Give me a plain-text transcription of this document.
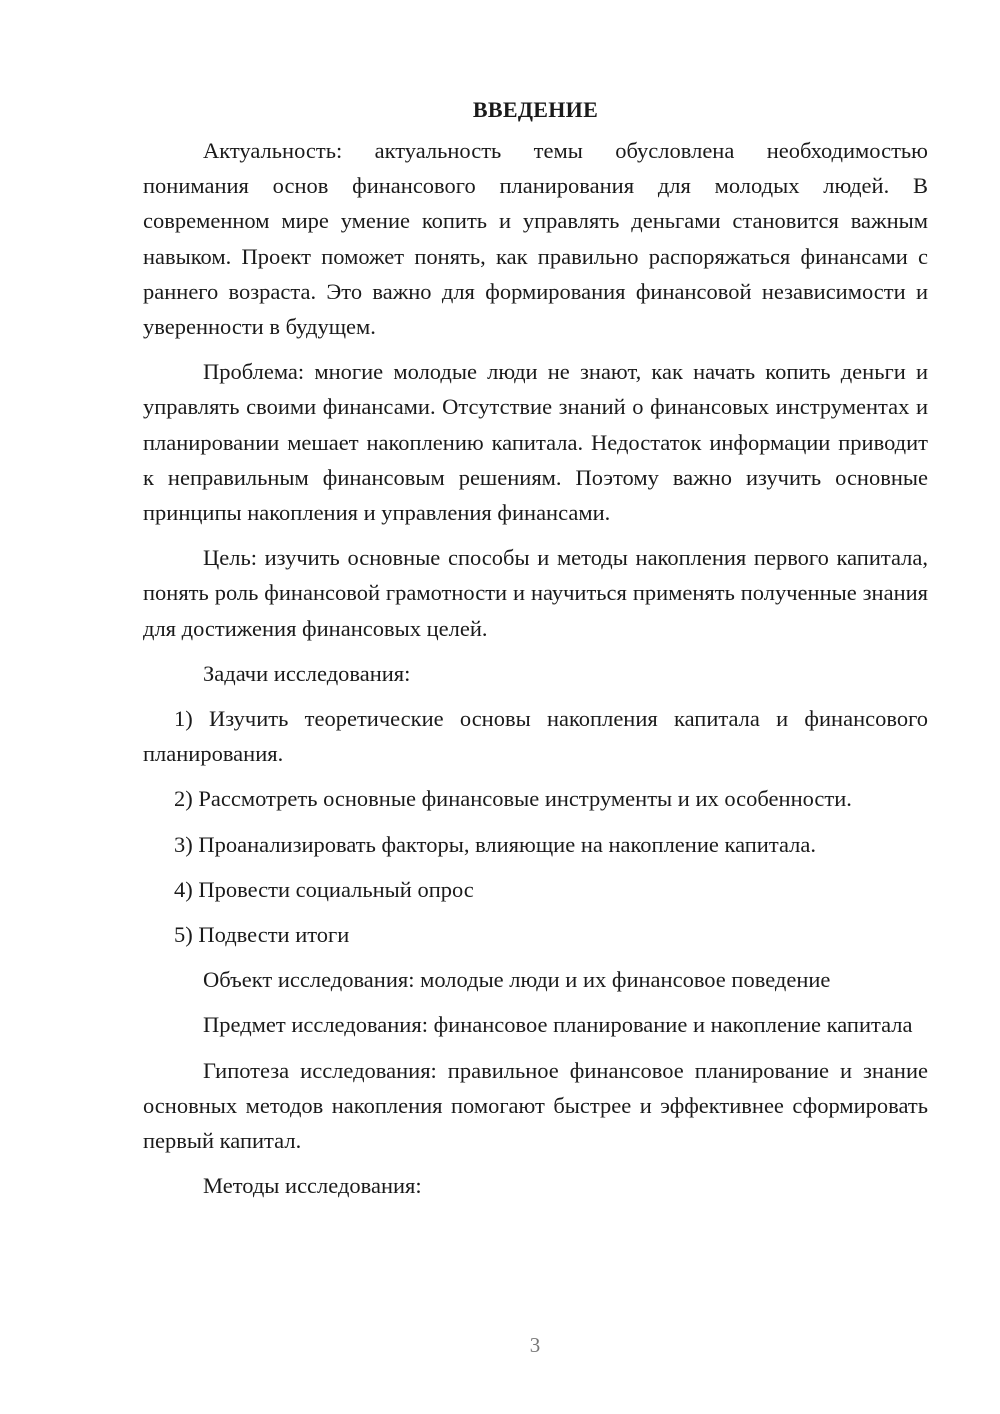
ВВЕДЕНИЕ

Актуальность: актуальность темы обусловлена необходимостью понимания основ финансового планирования для молодых людей. В современном мире умение копить и управлять деньгами становится важным навыком. Проект поможет понять, как правильно распоряжаться финансами с раннего возраста. Это важно для формирования финансовой независимости и уверенности в будущем.

Проблема: многие молодые люди не знают, как начать копить деньги и управлять своими финансами. Отсутствие знаний о финансовых инструментах и планировании мешает накоплению капитала. Недостаток информации приводит к неправильным финансовым решениям. Поэтому важно изучить основные принципы накопления и управления финансами.

Цель: изучить основные способы и методы накопления первого капитала, понять роль финансовой грамотности и научиться применять полученные знания для достижения финансовых целей.

Задачи исследования:

1) Изучить теоретические основы накопления капитала и финансового планирования.

2) Рассмотреть основные финансовые инструменты и их особенности.

3) Проанализировать факторы, влияющие на накопление капитала.

4) Провести социальный опрос

5) Подвести итоги

Объект исследования: молодые люди и их финансовое поведение

Предмет исследования: финансовое планирование и накопление капитала

Гипотеза исследования: правильное финансовое планирование и знание основных методов накопления помогают быстрее и эффективнее сформировать первый капитал.

Методы исследования:

3
